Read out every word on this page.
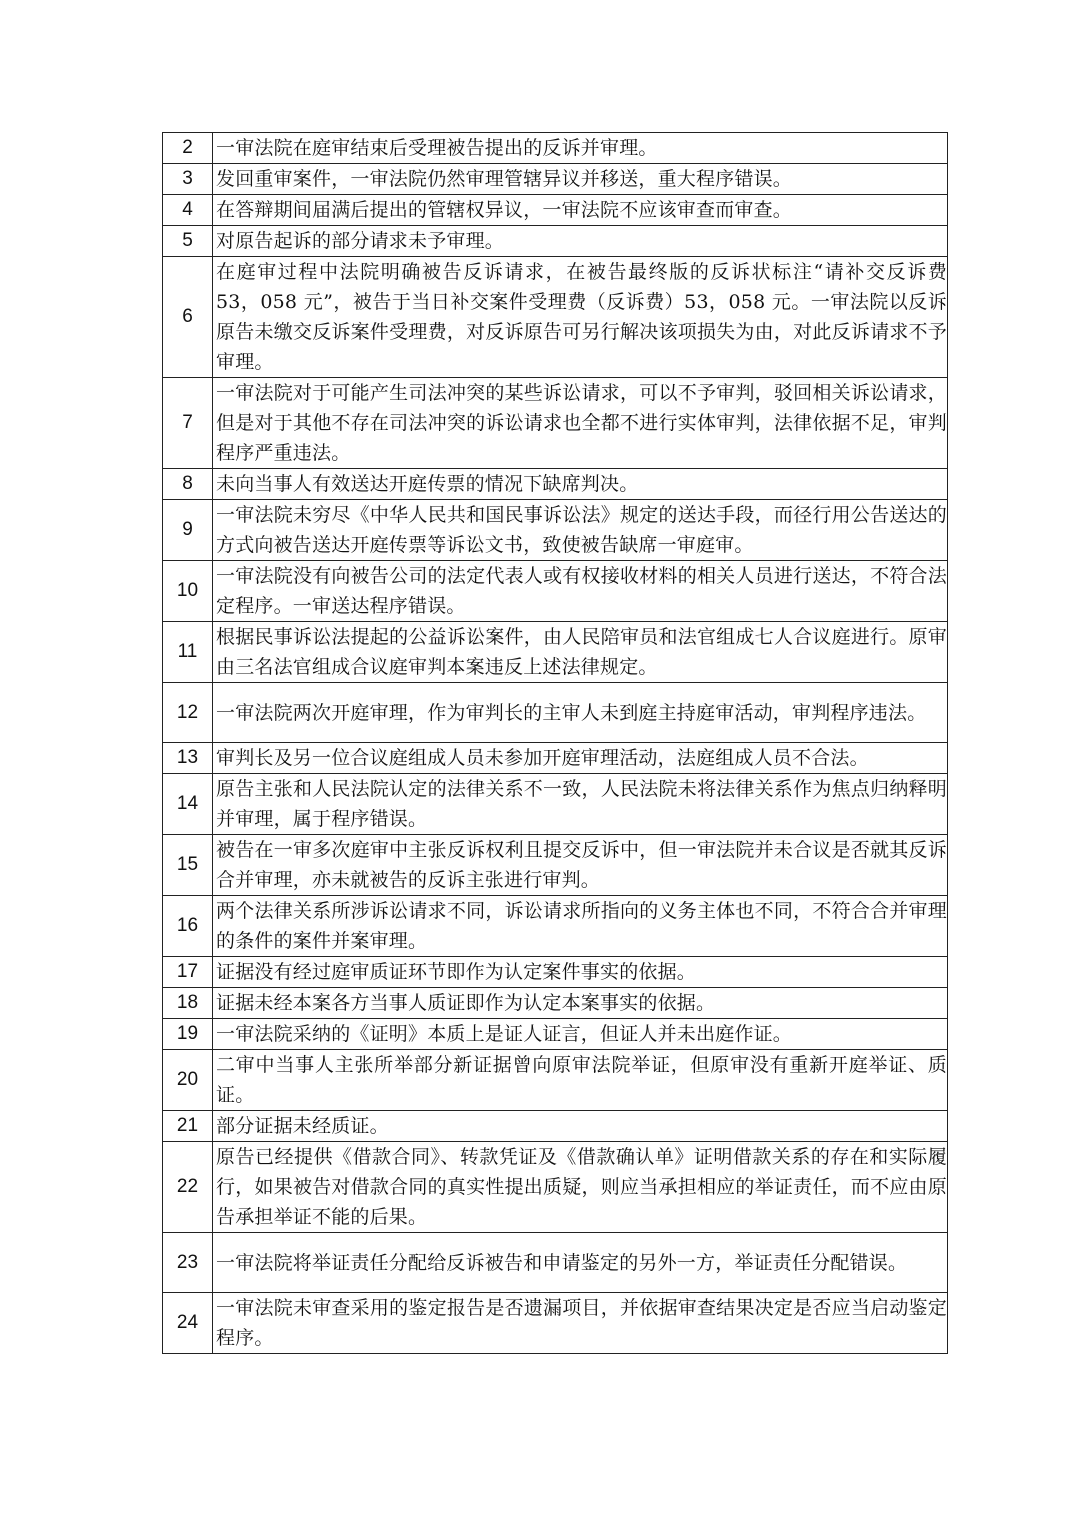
2	一审法院在庭审结束后受理被告提出的反诉并审理。
3	发回重审案件，一审法院仍然审理管辖异议并移送，重大程序错误。
4	在答辩期间届满后提出的管辖权异议，一审法院不应该审查而审查。
5	对原告起诉的部分请求未予审理。
6	在庭审过程中法院明确被告反诉请求，在被告最终版的反诉状标注“请补交反诉费 53，058 元”，被告于当日补交案件受理费（反诉费）53，058 元。一审法院以反诉原告未缴交反诉案件受理费，对反诉原告可另行解决该项损失为由，对此反诉请求不予审理。
7	一审法院对于可能产生司法冲突的某些诉讼请求，可以不予审判，驳回相关诉讼请求，但是对于其他不存在司法冲突的诉讼请求也全都不进行实体审判，法律依据不足，审判程序严重违法。
8	未向当事人有效送达开庭传票的情况下缺席判决。
9	一审法院未穷尽《中华人民共和国民事诉讼法》规定的送达手段，而径行用公告送达的方式向被告送达开庭传票等诉讼文书，致使被告缺席一审庭审。
10	一审法院没有向被告公司的法定代表人或有权接收材料的相关人员进行送达，不符合法定程序。一审送达程序错误。
11	根据民事诉讼法提起的公益诉讼案件，由人民陪审员和法官组成七人合议庭进行。原审由三名法官组成合议庭审判本案违反上述法律规定。
12	一审法院两次开庭审理，作为审判长的主审人未到庭主持庭审活动，审判程序违法。
13	审判长及另一位合议庭组成人员未参加开庭审理活动，法庭组成人员不合法。
14	原告主张和人民法院认定的法律关系不一致，人民法院未将法律关系作为焦点归纳释明并审理，属于程序错误。
15	被告在一审多次庭审中主张反诉权利且提交反诉中，但一审法院并未合议是否就其反诉合并审理，亦未就被告的反诉主张进行审判。
16	两个法律关系所涉诉讼请求不同，诉讼请求所指向的义务主体也不同，不符合合并审理的条件的案件并案审理。
17	证据没有经过庭审质证环节即作为认定案件事实的依据。
18	证据未经本案各方当事人质证即作为认定本案事实的依据。
19	一审法院采纳的《证明》本质上是证人证言，但证人并未出庭作证。
20	二审中当事人主张所举部分新证据曾向原审法院举证，但原审没有重新开庭举证、质证。
21	部分证据未经质证。
22	原告已经提供《借款合同》、转款凭证及《借款确认单》证明借款关系的存在和实际履行，如果被告对借款合同的真实性提出质疑，则应当承担相应的举证责任，而不应由原告承担举证不能的后果。
23	一审法院将举证责任分配给反诉被告和申请鉴定的另外一方，举证责任分配错误。
24	一审法院未审查采用的鉴定报告是否遗漏项目，并依据审查结果决定是否应当启动鉴定程序。
